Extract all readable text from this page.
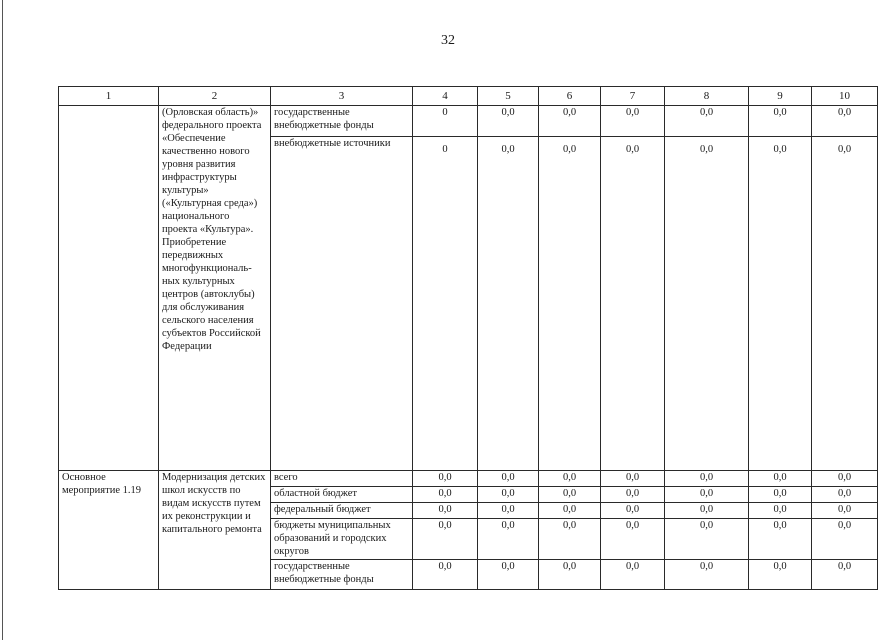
32
1	2	3	4	5	6	7	8	9	10
	(Орловская область)» федерального проекта «Обеспечение качественно нового уровня развития инфраструктуры культуры» («Культурная среда») национального проекта «Культура». Приобретение передвижных многофункциональ-ных культурных центров (автоклубы) для обслуживания сельского населения субъектов Российской Федерации	государственные внебюджетные фонды	0	0,0	0,0	0,0	0,0	0,0	0,0
		внебюджетные источники	0	0,0	0,0	0,0	0,0	0,0	0,0
Основное мероприятие 1.19	Модернизация детских школ искусств по видам искусств путем их реконструкции и капитального ремонта	всего	0,0	0,0	0,0	0,0	0,0	0,0	0,0
		областной бюджет	0,0	0,0	0,0	0,0	0,0	0,0	0,0
		федеральный бюджет	0,0	0,0	0,0	0,0	0,0	0,0	0,0
		бюджеты муниципальных образований и городских округов	0,0	0,0	0,0	0,0	0,0	0,0	0,0
		государственные внебюджетные фонды	0,0	0,0	0,0	0,0	0,0	0,0	0,0
